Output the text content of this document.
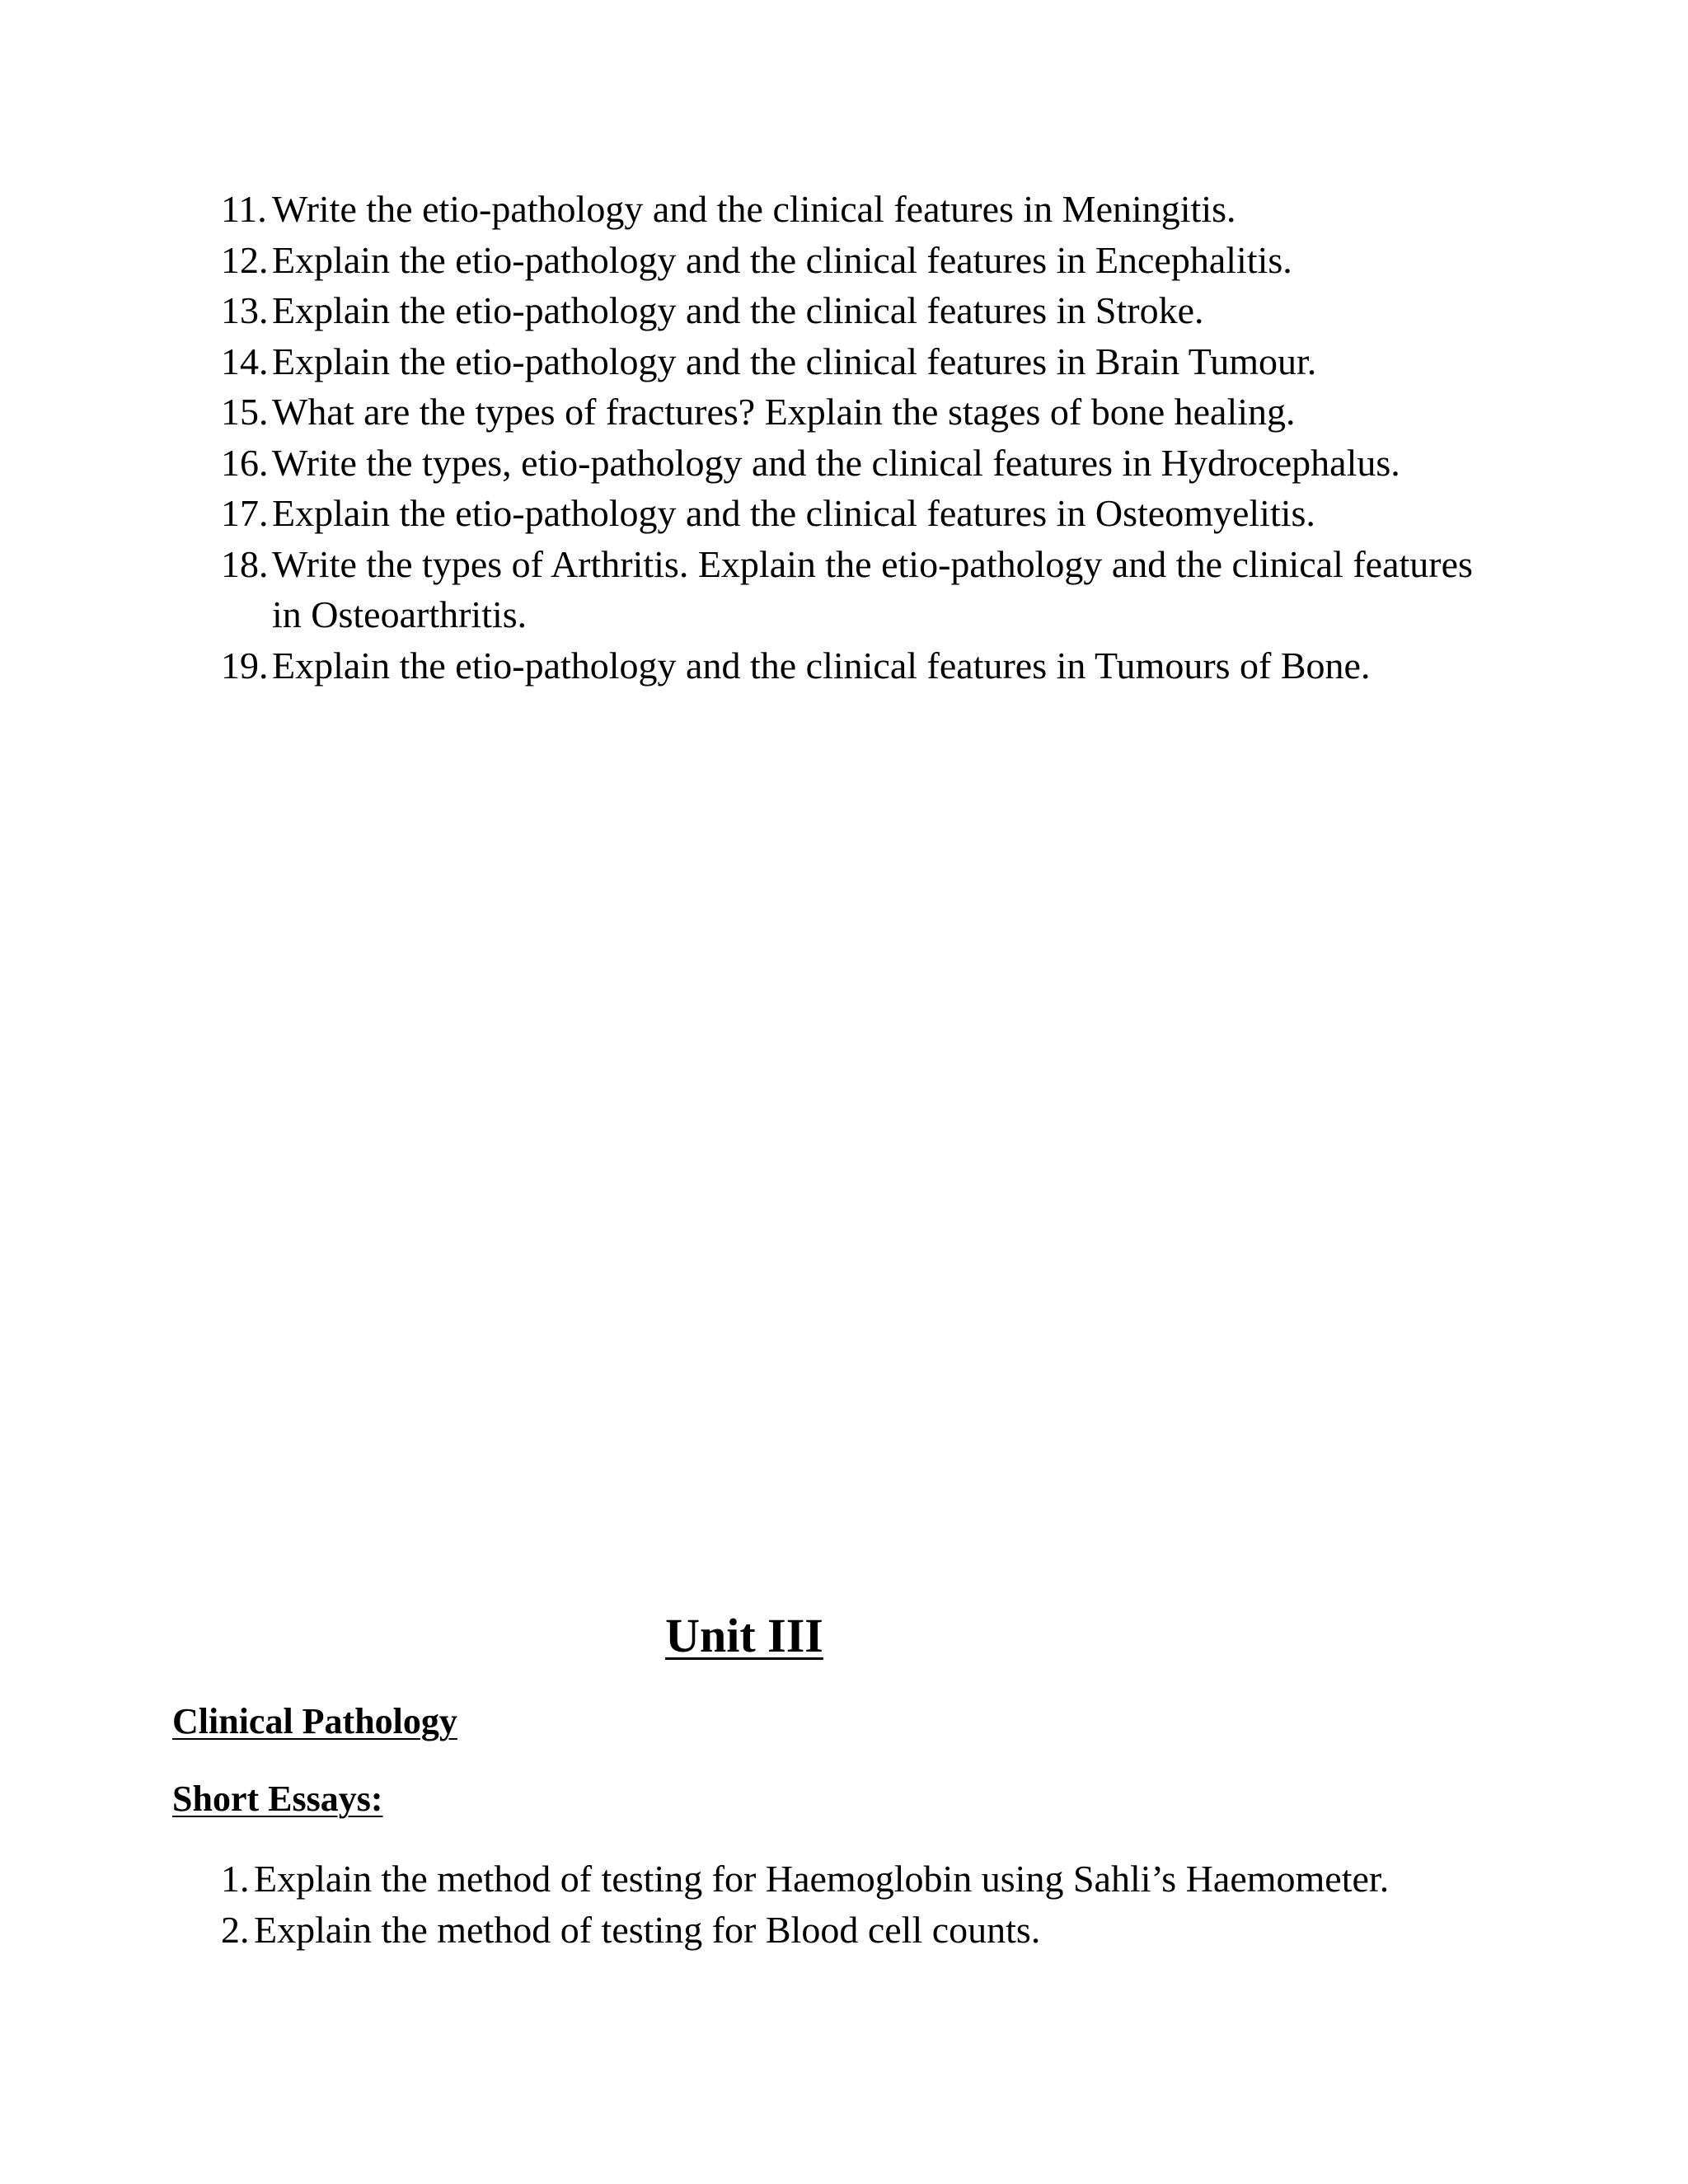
11. Write the etio-pathology and the clinical features in Meningitis.
12. Explain the etio-pathology and the clinical features in Encephalitis.
13. Explain the etio-pathology and the clinical features in Stroke.
14. Explain the etio-pathology and the clinical features in Brain Tumour.
15. What are the types of fractures? Explain the stages of bone healing.
16. Write the types, etio-pathology and the clinical features in Hydrocephalus.
17. Explain the etio-pathology and the clinical features in Osteomyelitis.
18. Write the types of Arthritis. Explain the etio-pathology and the clinical features in Osteoarthritis.
19. Explain the etio-pathology and the clinical features in Tumours of Bone.
Unit III
Clinical Pathology
Short Essays:
1. Explain the method of testing for Haemoglobin using Sahli’s Haemometer.
2. Explain the method of testing for Blood cell counts.
